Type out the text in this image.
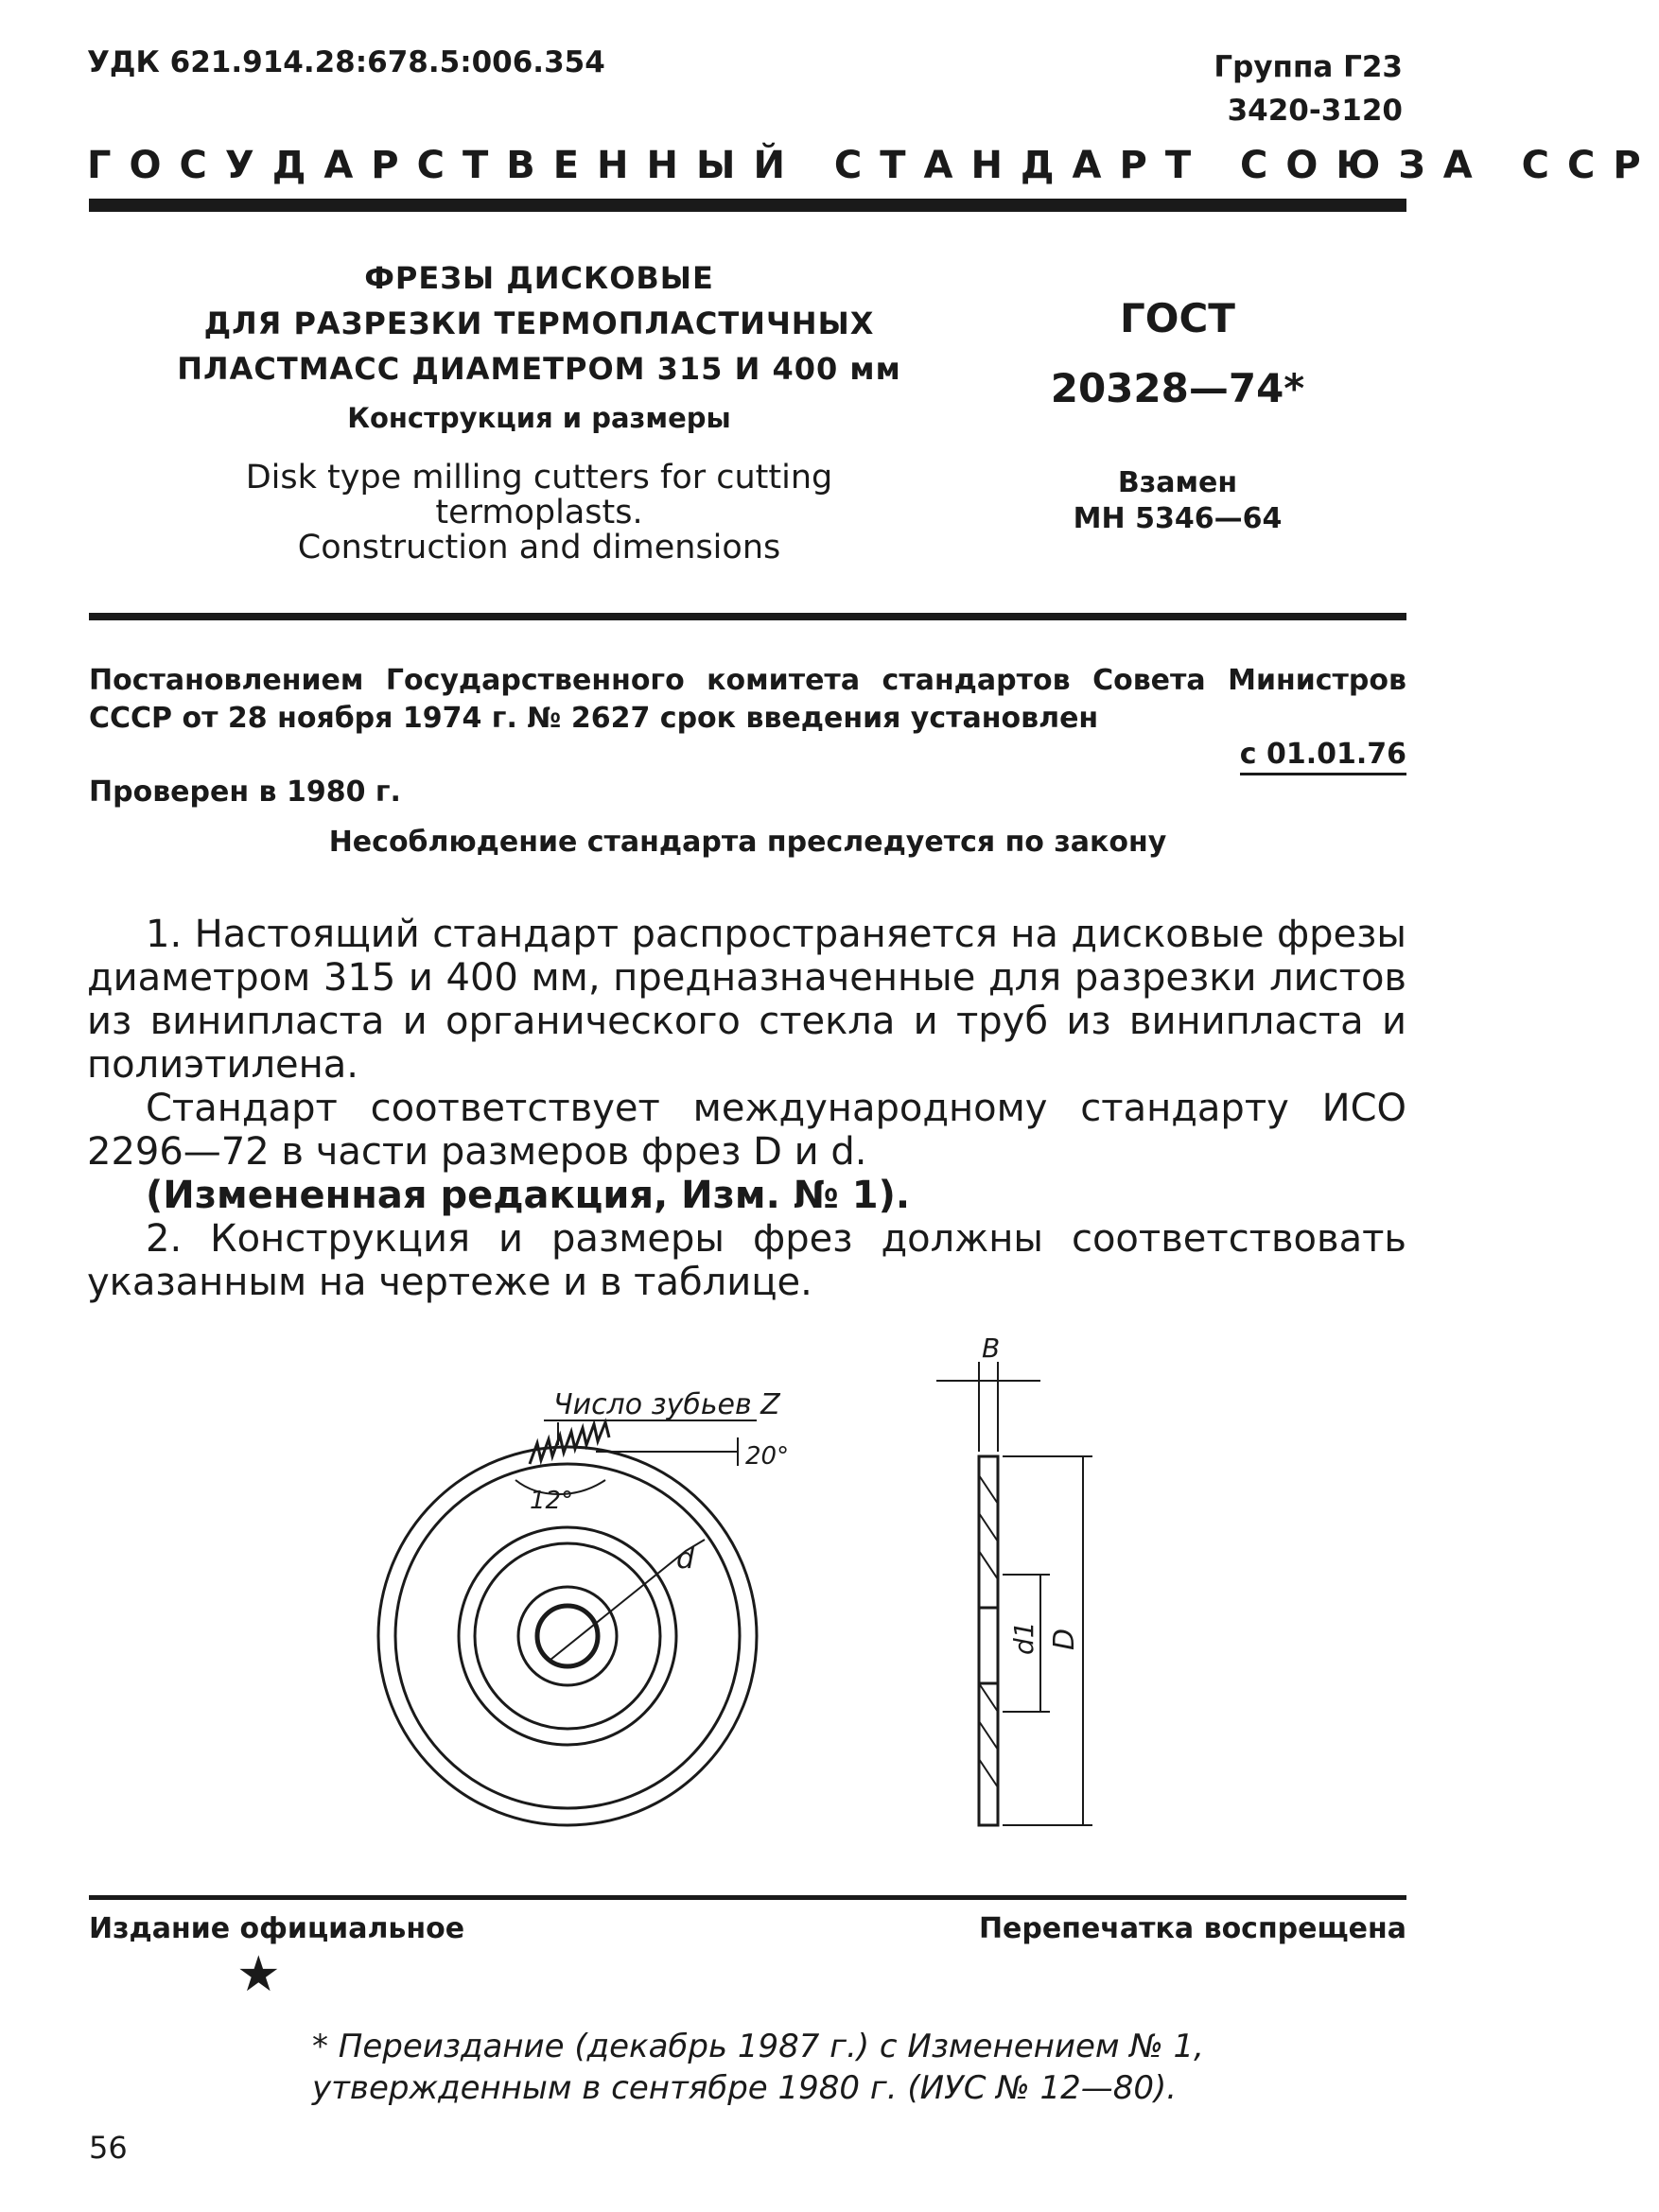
УДК 621.914.28:678.5:006.354	Группа Г23
3420-3120
ГОСУДАРСТВЕННЫЙ СТАНДАРТ СОЮЗА ССР
ФРЕЗЫ ДИСКОВЫЕ
ДЛЯ РАЗРЕЗКИ ТЕРМОПЛАСТИЧНЫХ
ПЛАСТМАСС ДИАМЕТРОМ 315 И 400 мм
Конструкция и размеры
Disk type milling cutters for cutting
termoplasts.
Construction and dimensions
ГОСТ
20328—74*
Взамен
МН 5346—64
Постановлением Государственного комитета стандартов Совета Министров СССР от 28 ноября 1974 г. № 2627 срок введения установлен
с 01.01.76
Проверен в 1980 г.
Несоблюдение стандарта преследуется по закону

1. Настоящий стандарт распространяется на дисковые фрезы диаметром 315 и 400 мм, предназначенные для разрезки листов из винипласта и органического стекла и труб из винипласта и полиэтилена.

Стандарт соответствует международному стандарту ИСО 2296—72 в части размеров фрез D и d.

(Измененная редакция, Изм. № 1).

2. Конструкция и размеры фрез должны соответствовать указанным на чертеже и в таблице.

Число зубьев Z
20°
12°
d
B
d1 D
Издание официальное	Перепечатка воспрещена
★
* Переиздание (декабрь 1987 г.) с Изменением № 1,
утвержденным в сентябре 1980 г. (ИУС № 12—80).
56
